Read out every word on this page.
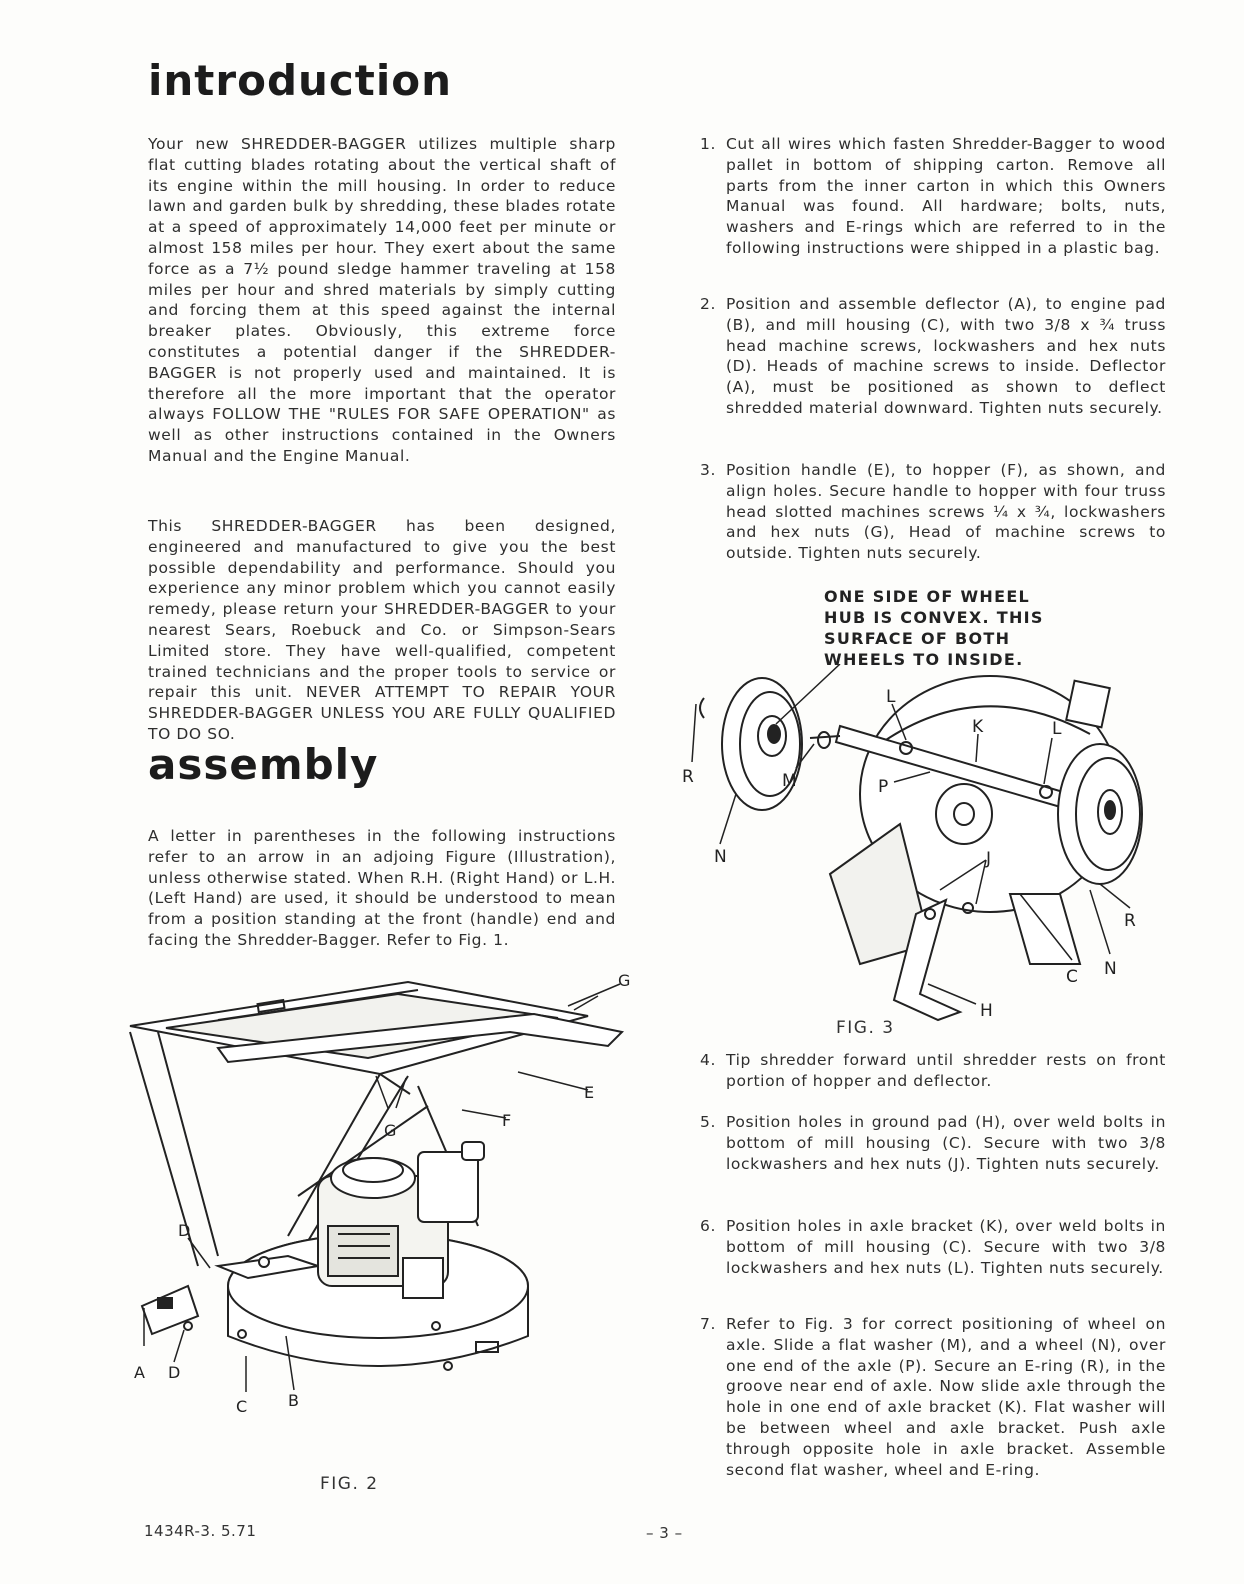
introduction

Your new SHREDDER-BAGGER utilizes multiple sharp flat cutting blades rotating about the vertical shaft of its engine within the mill housing. In order to reduce lawn and garden bulk by shredding, these blades rotate at a speed of approximately 14,000 feet per minute or almost 158 miles per hour. They exert about the same force as a 7½ pound sledge hammer traveling at 158 miles per hour and shred materials by simply cutting and forcing them at this speed against the internal breaker plates. Obviously, this extreme force constitutes a potential danger if the SHREDDER-BAGGER is not properly used and maintained. It is therefore all the more important that the operator always FOLLOW THE "RULES FOR SAFE OPERATION" as well as other instructions contained in the Owners Manual and the Engine Manual.

This SHREDDER-BAGGER has been designed, engineered and manufactured to give you the best possible dependability and performance. Should you experience any minor problem which you cannot easily remedy, please return your SHREDDER-BAGGER to your nearest Sears, Roebuck and Co. or Simpson-Sears Limited store. They have well-qualified, competent trained technicians and the proper tools to service or repair this unit. NEVER ATTEMPT TO REPAIR YOUR SHREDDER-BAGGER UNLESS YOU ARE FULLY QUALIFIED TO DO SO.

assembly

A letter in parentheses in the following instructions refer to an arrow in an adjoing Figure (Illustration), unless otherwise stated. When R.H. (Right Hand) or L.H. (Left Hand) are used, it should be understood to mean from a position standing at the front (handle) end and facing the Shredder-Bagger. Refer to Fig. 1.

G
E
G
F
D
A D
C	B
FIG. 2
1. Cut all wires which fasten Shredder-Bagger to wood pallet in bottom of shipping carton. Remove all parts from the inner carton in which this Owners Manual was found. All hardware; bolts, nuts, washers and E-rings which are referred to in the following instructions were shipped in a plastic bag.
2. Position and assemble deflector (A), to engine pad (B), and mill housing (C), with two 3/8 x ¾ truss head machine screws, lockwashers and hex nuts (D). Heads of machine screws to inside. Deflector (A), must be positioned as shown to deflect shredded material downward. Tighten nuts securely.
3. Position handle (E), to hopper (F), as shown, and align holes. Secure handle to hopper with four truss head slotted machines screws ¼ x ¾, lockwashers and hex nuts (G), Head of machine screws to outside. Tighten nuts securely.

ONE SIDE OF WHEEL HUB IS CONVEX. THIS SURFACE OF BOTH WHEELS TO INSIDE.

L
K	L
R	M	P
N	J
R
N
C
H
FIG. 3
4. Tip shredder forward until shredder rests on front portion of hopper and deflector.
5. Position holes in ground pad (H), over weld bolts in bottom of mill housing (C). Secure with two 3/8 lockwashers and hex nuts (J). Tighten nuts securely.
6. Position holes in axle bracket (K), over weld bolts in bottom of mill housing (C). Secure with two 3/8 lockwashers and hex nuts (L). Tighten nuts securely.
7. Refer to Fig. 3 for correct positioning of wheel on axle. Slide a flat washer (M), and a wheel (N), over one end of the axle (P). Secure an E-ring (R), in the groove near end of axle. Now slide axle through the hole in one end of axle bracket (K). Flat washer will be between wheel and axle bracket. Push axle through opposite hole in axle bracket. Assemble second flat washer, wheel and E-ring.
1434R-3. 5.71	– 3 –
